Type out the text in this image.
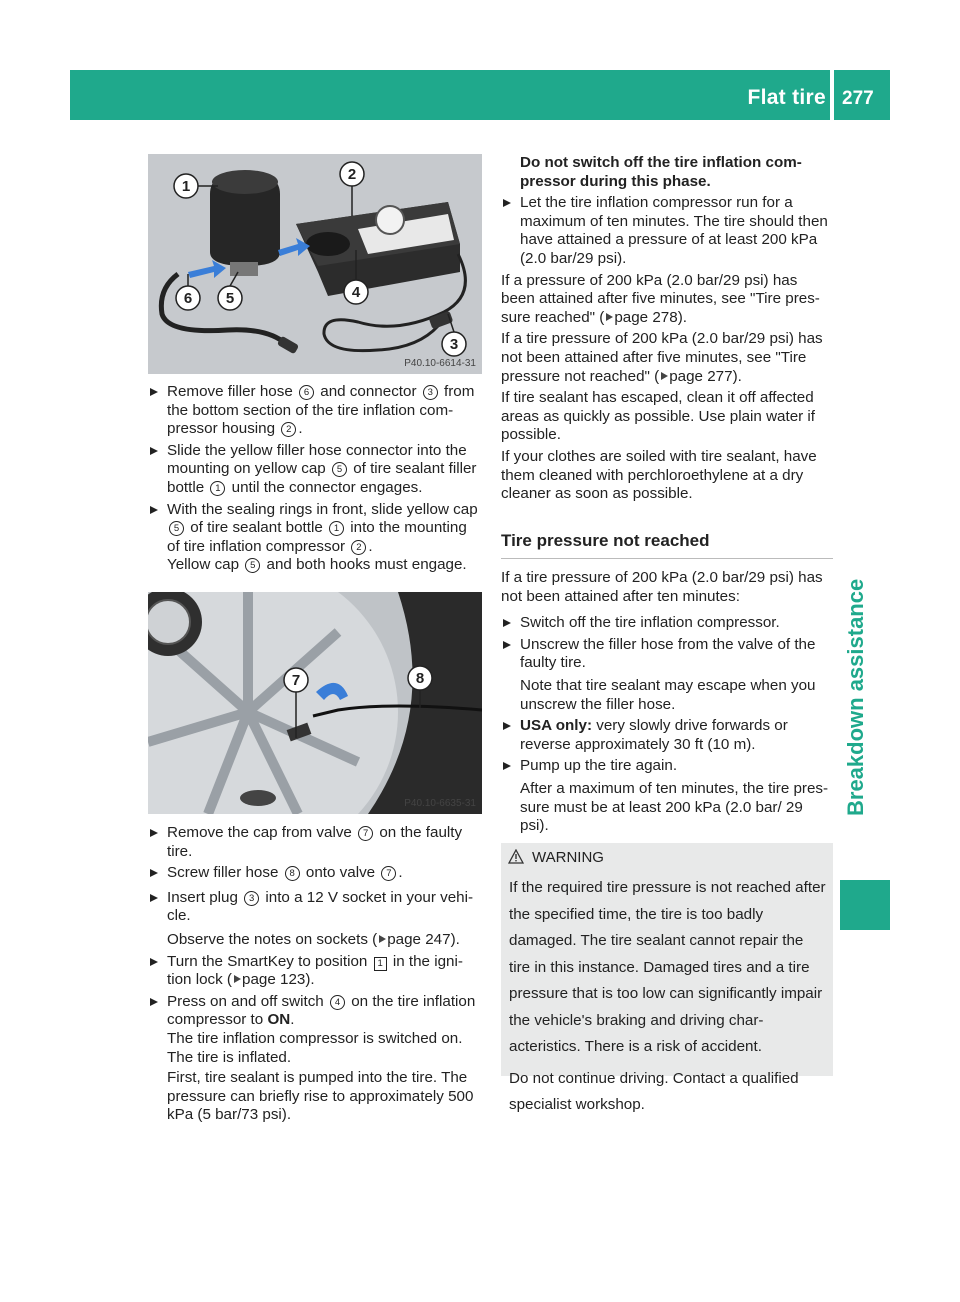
Flat tire 277
Breakdown assistance
1
2
3
4
5
6
P40.10-6614-31

Remove filler hose 6 and connector 3 from the bottom section of the tire inflation com- pressor housing 2 .

Slide the yellow filler hose connector into the mounting on yellow cap 5 of tire sealant filler bottle 1 until the connector engages.

With the sealing rings in front, slide yellow cap 5 of tire sealant bottle 1 into the mounting of tire inflation compressor 2 .
Yellow cap 5 and both hooks must engage.

7	8
P40.10-6635-31

Remove the cap from valve 7 on the faulty tire.

Screw filler hose 8 onto valve 7 .

Insert plug 3 into a 12 V socket in your vehi- cle.

Observe the notes on sockets ( page 247).

Turn the SmartKey to position 1 in the igni- tion lock ( page 123).

Press on and off switch 4 on the tire inflation compressor to ON.
The tire inflation compressor is switched on.
The tire is inflated.

First, tire sealant is pumped into the tire. The pressure can briefly rise to approximately 500 kPa (5 bar/73 psi).

Do not switch off the tire inflation com- pressor during this phase.

Let the tire inflation compressor run for a maximum of ten minutes. The tire should then have attained a pressure of at least 200 kPa (2.0 bar/29 psi).

If a pressure of 200 kPa (2.0 bar/29 psi) has been attained after five minutes, see "Tire pres- sure reached" ( page 278).

If a tire pressure of 200 kPa (2.0 bar/29 psi) has not been attained after five minutes, see "Tire pressure not reached" ( page 277).

If tire sealant has escaped, clean it off affected areas as quickly as possible. Use plain water if possible.

If your clothes are soiled with tire sealant, have them cleaned with perchloroethylene at a dry cleaner as soon as possible.

Tire pressure not reached

If a tire pressure of 200 kPa (2.0 bar/29 psi) has not been attained after ten minutes:

Switch off the tire inflation compressor.

Unscrew the filler hose from the valve of the faulty tire.

Note that tire sealant may escape when you unscrew the filler hose.

USA only: very slowly drive forwards or reverse approximately 30 ft (10 m).

Pump up the tire again.

After a maximum of ten minutes, the tire pres- sure must be at least 200 kPa (2.0 bar/ 29 psi).

WARNING

If the required tire pressure is not reached after the specified time, the tire is too badly damaged. The tire sealant cannot repair the tire in this instance. Damaged tires and a tire pressure that is too low can significantly impair the vehicle's braking and driving char- acteristics. There is a risk of accident.

Do not continue driving. Contact a qualified specialist workshop.
